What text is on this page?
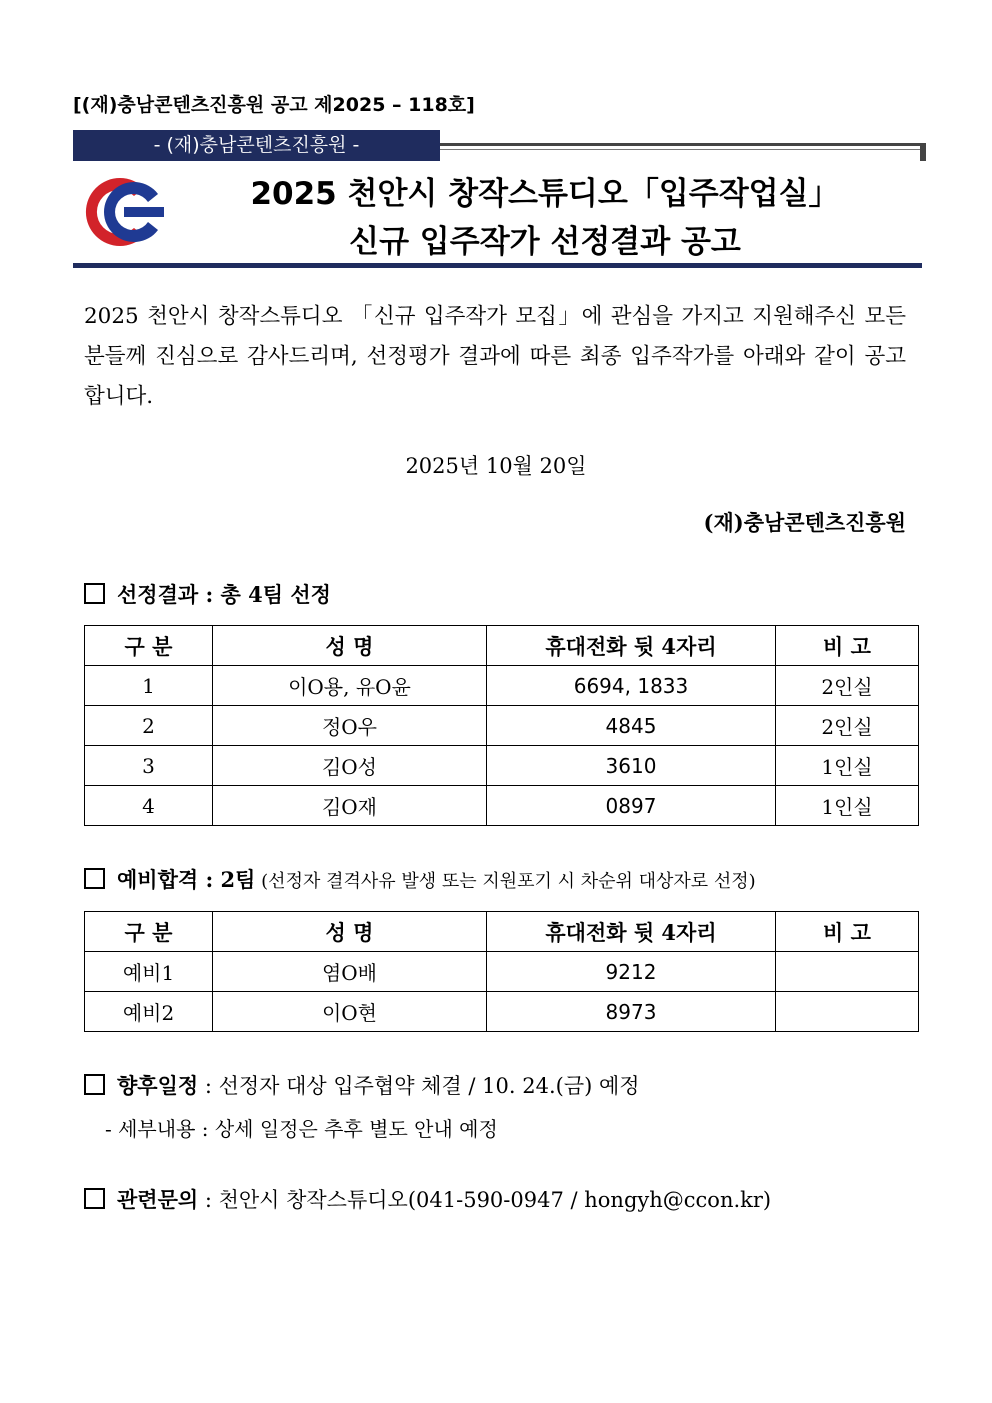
[(재)충남콘텐츠진흥원 공고 제2025 – 118호]
- (재)충남콘텐츠진흥원 -
2025 천안시 창작스튜디오「입주작업실」
신규 입주작가 선정결과 공고
2025 천안시 창작스튜디오 「신규 입주작가 모집」에 관심을 가지고 지원해주신 모든 분들께 진심으로 감사드리며, 선정평가 결과에 따른 최종 입주작가를 아래와 같이 공고합니다.
2025년 10월 20일
(재)충남콘텐츠진흥원
선정결과 : 총 4팀 선정
구 분	성 명	휴대전화 뒷 4자리	비 고
1	이O용, 유O윤	6694, 1833	2인실
2	정O우	4845	2인실
3	김O성	3610	1인실
4	김O재	0897	1인실
예비합격 : 2팀 (선정자 결격사유 발생 또는 지원포기 시 차순위 대상자로 선정)
구 분	성 명	휴대전화 뒷 4자리	비 고
예비1	염O배	9212	
예비2	이O현	8973	
향후일정 : 선정자 대상 입주협약 체결 / 10. 24.(금) 예정
- 세부내용 : 상세 일정은 추후 별도 안내 예정
관련문의 : 천안시 창작스튜디오(041-590-0947 / hongyh@ccon.kr)
